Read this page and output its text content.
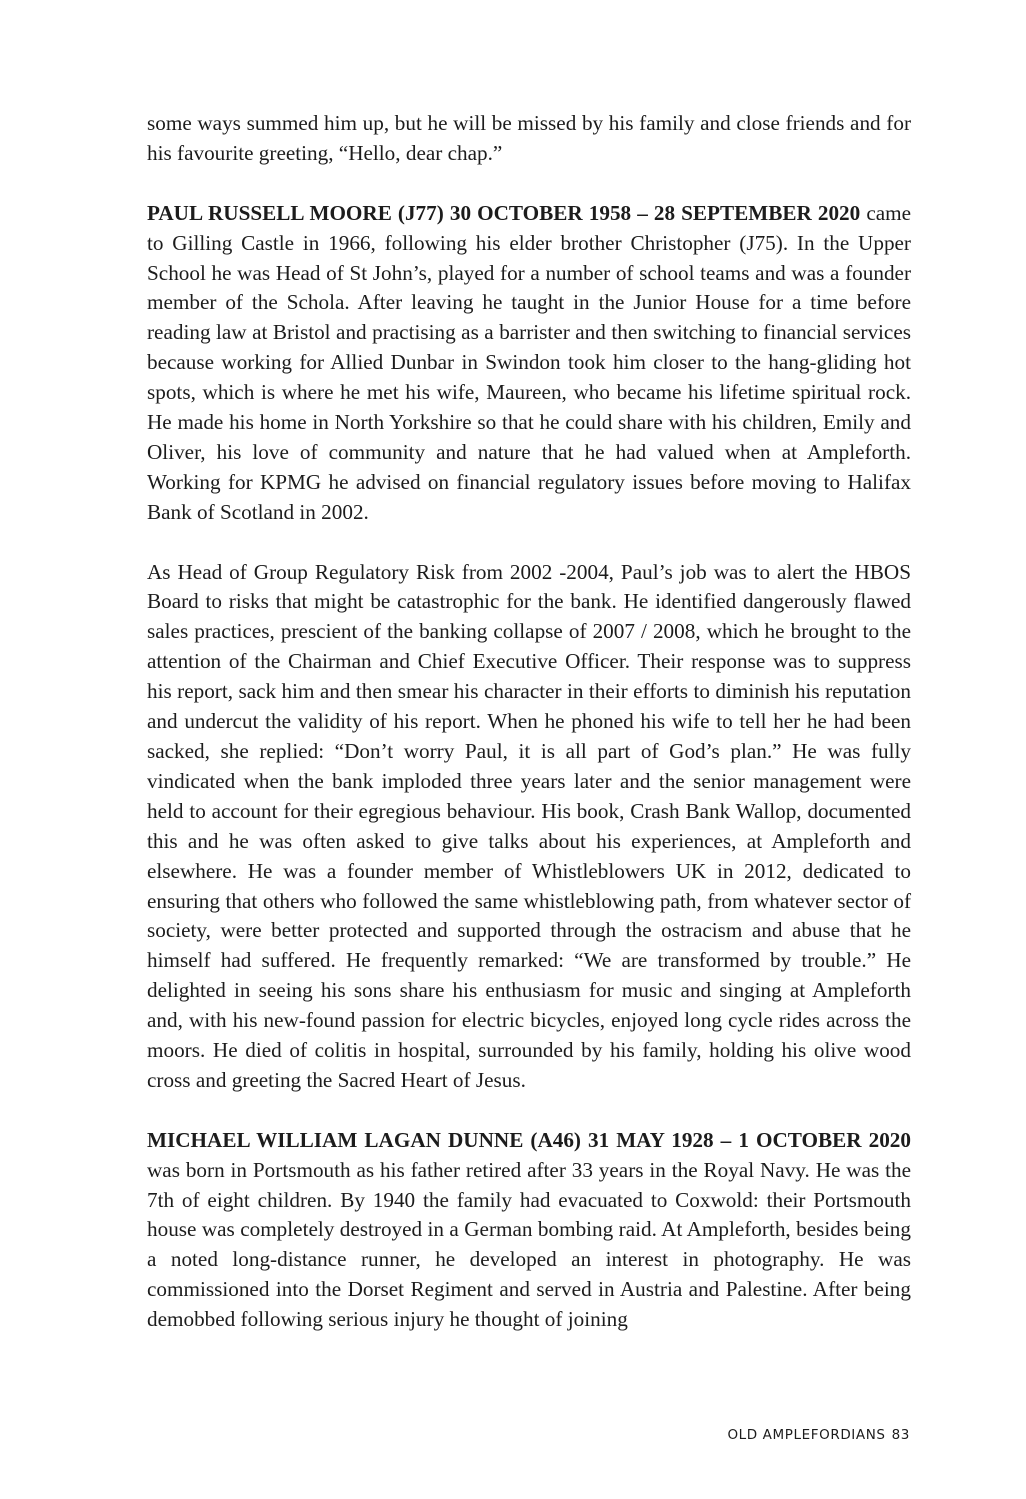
some ways summed him up, but he will be missed by his family and close friends and for his favourite greeting, “Hello, dear chap.”

PAUL RUSSELL MOORE (J77) 30 OCTOBER 1958 – 28 SEPTEMBER 2020 came to Gilling Castle in 1966, following his elder brother Christopher (J75). In the Upper School he was Head of St John’s, played for a number of school teams and was a founder member of the Schola. After leaving he taught in the Junior House for a time before reading law at Bristol and practising as a barrister and then switching to financial services because working for Allied Dunbar in Swindon took him closer to the hang-gliding hot spots, which is where he met his wife, Maureen, who became his lifetime spiritual rock. He made his home in North Yorkshire so that he could share with his children, Emily and Oliver, his love of community and nature that he had valued when at Ampleforth. Working for KPMG he advised on financial regulatory issues before moving to Halifax Bank of Scotland in 2002.

As Head of Group Regulatory Risk from 2002 -2004, Paul’s job was to alert the HBOS Board to risks that might be catastrophic for the bank. He identified dangerously flawed sales practices, prescient of the banking collapse of 2007 / 2008, which he brought to the attention of the Chairman and Chief Executive Officer. Their response was to suppress his report, sack him and then smear his character in their efforts to diminish his reputation and undercut the validity of his report. When he phoned his wife to tell her he had been sacked, she replied: “Don’t worry Paul, it is all part of God’s plan.” He was fully vindicated when the bank imploded three years later and the senior management were held to account for their egregious behaviour. His book, Crash Bank Wallop, documented this and he was often asked to give talks about his experiences, at Ampleforth and elsewhere. He was a founder member of Whistleblowers UK in 2012, dedicated to ensuring that others who followed the same whistleblowing path, from whatever sector of society, were better protected and supported through the ostracism and abuse that he himself had suffered. He frequently remarked: “We are transformed by trouble.” He delighted in seeing his sons share his enthusiasm for music and singing at Ampleforth and, with his new-found passion for electric bicycles, enjoyed long cycle rides across the moors. He died of colitis in hospital, surrounded by his family, holding his olive wood cross and greeting the Sacred Heart of Jesus.

MICHAEL WILLIAM LAGAN DUNNE (A46) 31 MAY 1928 – 1 OCTOBER 2020 was born in Portsmouth as his father retired after 33 years in the Royal Navy. He was the 7th of eight children. By 1940 the family had evacuated to Coxwold: their Portsmouth house was completely destroyed in a German bombing raid. At Ampleforth, besides being a noted long-distance runner, he developed an interest in photography. He was commissioned into the Dorset Regiment and served in Austria and Palestine. After being demobbed following serious injury he thought of joining

OLD AMPLEFORDIANS 83
